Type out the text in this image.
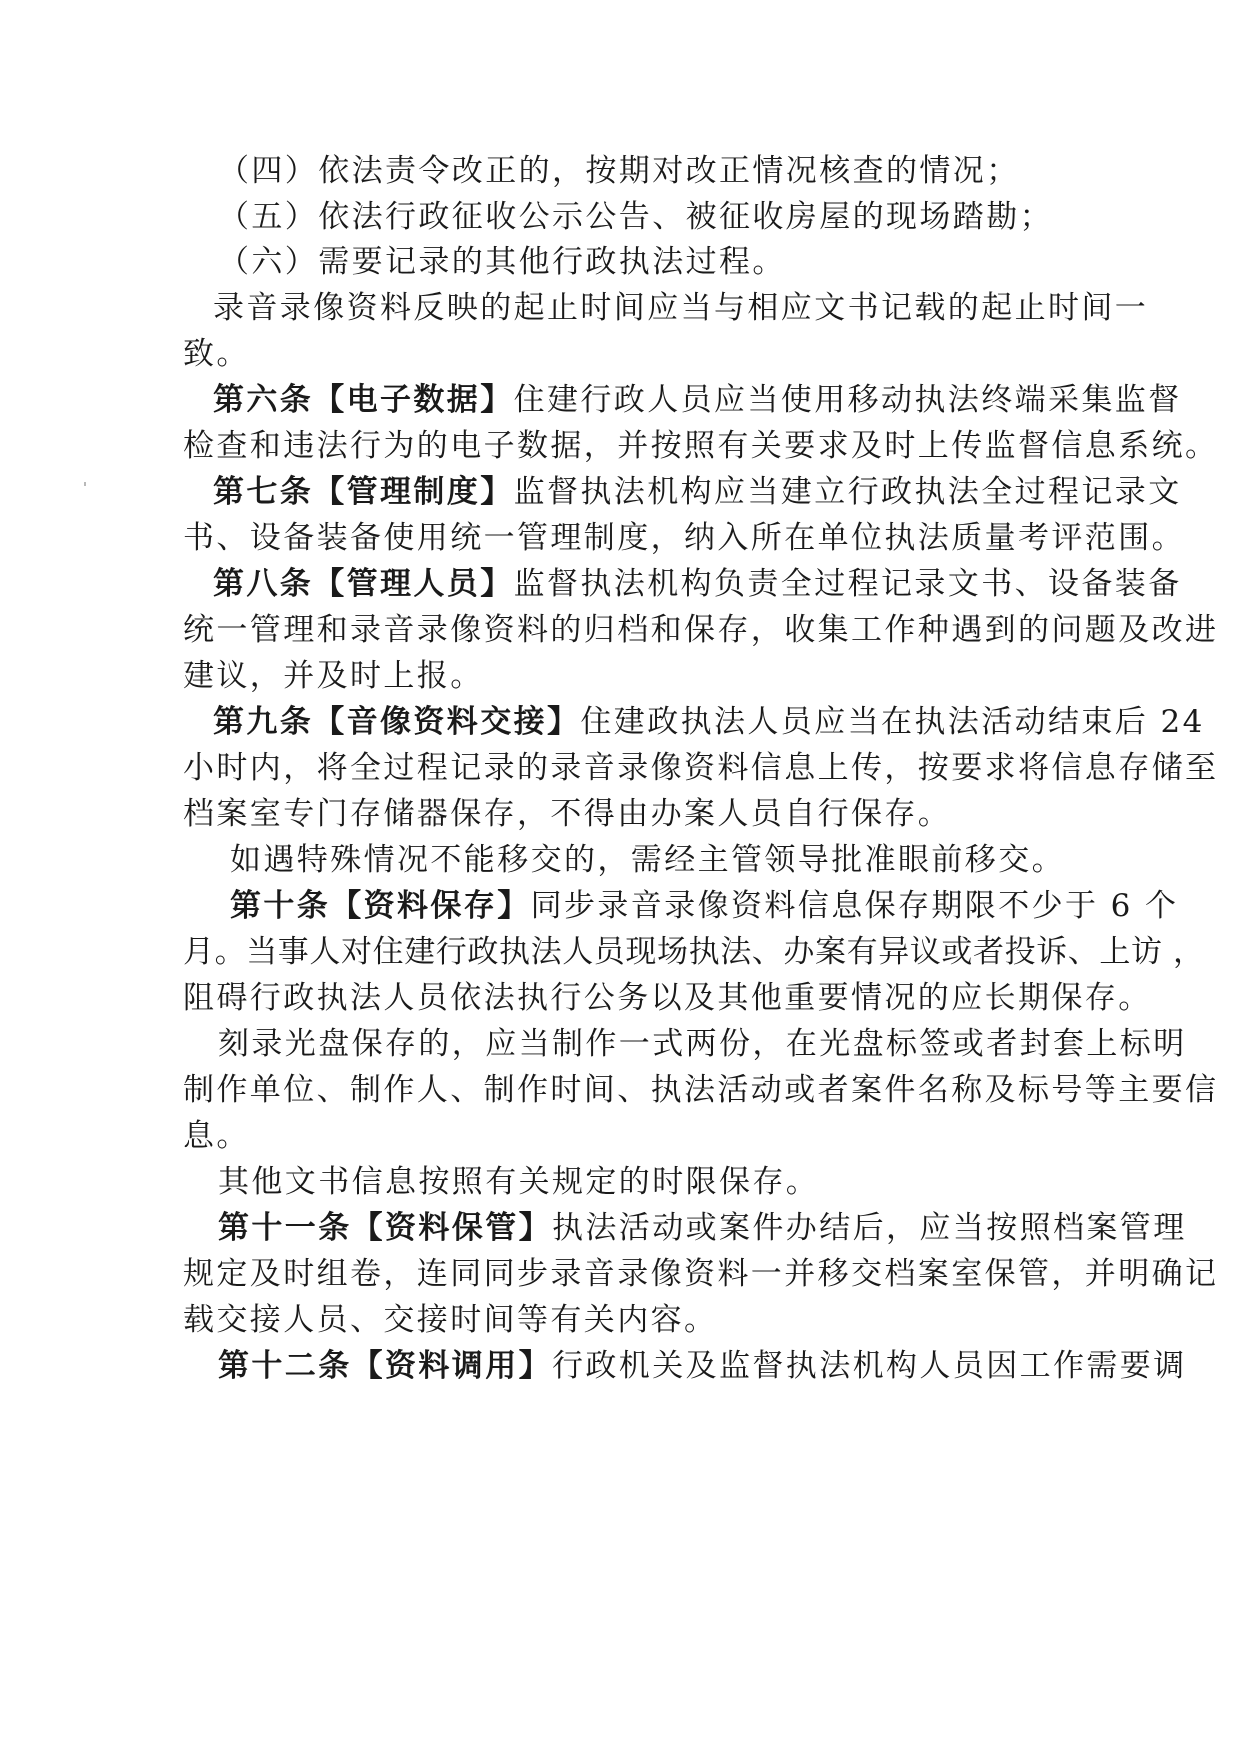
（四）依法责令改正的，按期对改正情况核查的情况；
（五）依法行政征收公示公告、被征收房屋的现场踏勘；
（六）需要记录的其他行政执法过程。
录音录像资料反映的起止时间应当与相应文书记载的起止时间一
致。
第六条【电子数据】住建行政人员应当使用移动执法终端采集监督
检查和违法行为的电子数据，并按照有关要求及时上传监督信息系统。
第七条【管理制度】监督执法机构应当建立行政执法全过程记录文
书、设备装备使用统一管理制度，纳入所在单位执法质量考评范围。
第八条【管理人员】监督执法机构负责全过程记录文书、设备装备
统一管理和录音录像资料的归档和保存，收集工作种遇到的问题及改进
建议，并及时上报。
第九条【音像资料交接】住建政执法人员应当在执法活动结束后 24
小时内，将全过程记录的录音录像资料信息上传，按要求将信息存储至
档案室专门存储器保存，不得由办案人员自行保存。
如遇特殊情况不能移交的，需经主管领导批准眼前移交。
第十条【资料保存】同步录音录像资料信息保存期限不少于 6 个
月。当事人对住建行政执法人员现场执法、办案有异议或者投诉、上访 ，
阻碍行政执法人员依法执行公务以及其他重要情况的应长期保存。
刻录光盘保存的，应当制作一式两份，在光盘标签或者封套上标明
制作单位、制作人、制作时间、执法活动或者案件名称及标号等主要信
息。
其他文书信息按照有关规定的时限保存。
第十一条【资料保管】执法活动或案件办结后，应当按照档案管理
规定及时组卷，连同同步录音录像资料一并移交档案室保管，并明确记
载交接人员、交接时间等有关内容。
第十二条【资料调用】行政机关及监督执法机构人员因工作需要调
